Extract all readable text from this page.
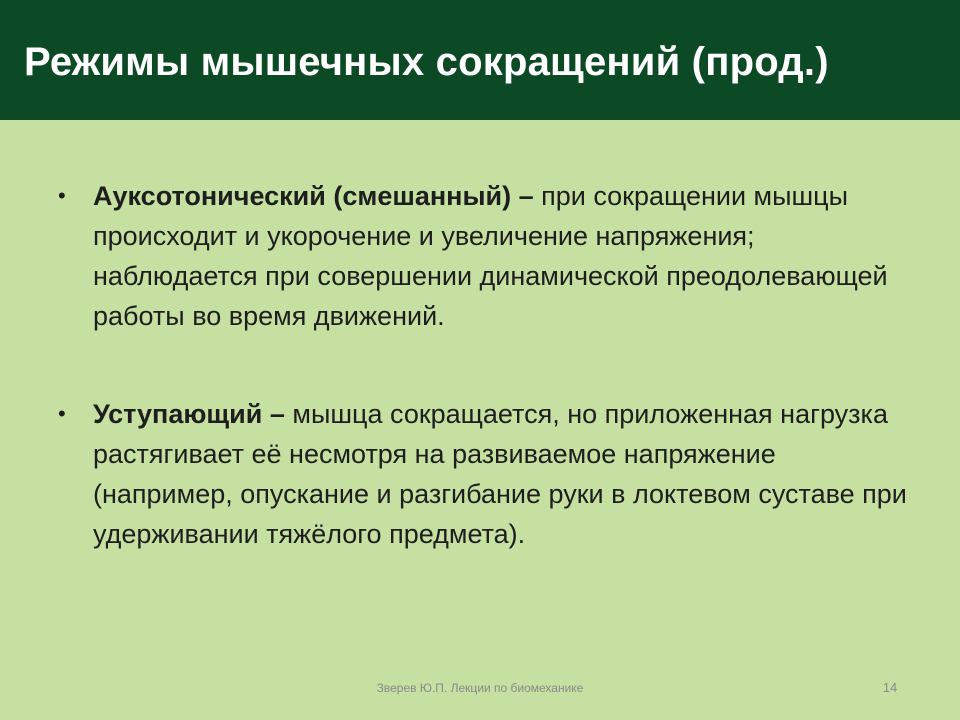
Режимы мышечных сокращений (прод.)
• Ауксотонический (смешанный) – при сокращении мышцы происходит и укорочение и увеличение напряжения; наблюдается при совершении динамической преодолевающей работы во время движений.
• Уступающий – мышца сокращается, но приложенная нагрузка растягивает её несмотря на развиваемое напряжение (например, опускание и разгибание руки в локтевом суставе при удерживании тяжёлого предмета).
Зверев Ю.П. Лекции по биомеханике	14
